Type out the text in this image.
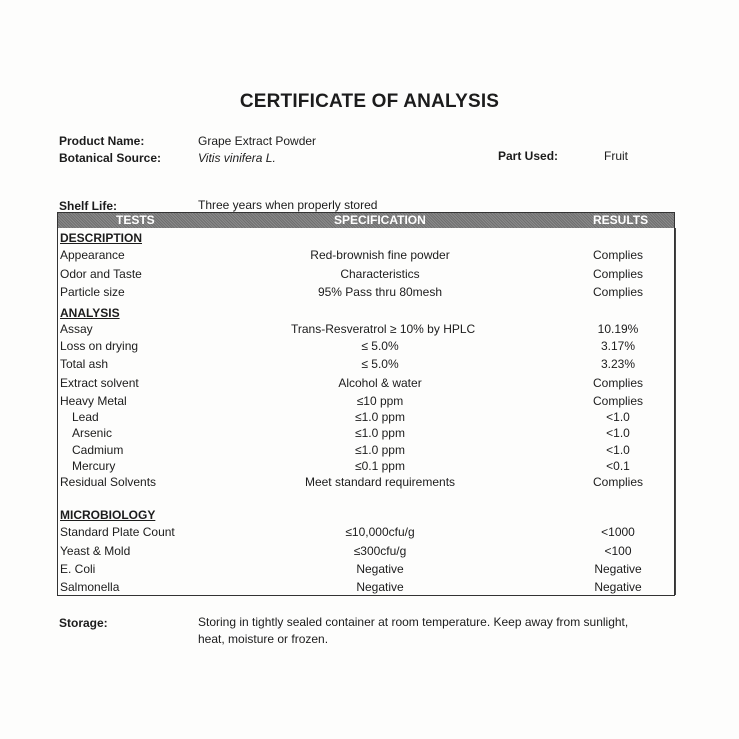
CERTIFICATE OF ANALYSIS
Product Name:	Grape Extract Powder
Botanical Source:	Vitis vinifera L.	Part Used:	Fruit
Shelf Life:	Three years when properly stored
TESTS	SPECIFICATION	RESULTS
DESCRIPTION
Appearance	Red-brownish fine powder	Complies
Odor and Taste	Characteristics	Complies
Particle size	95% Pass thru 80mesh	Complies
ANALYSIS
Assay	Trans-Resveratrol ≥ 10% by HPLC	10.19%
Loss on drying	≤ 5.0%	3.17%
Total ash	≤ 5.0%	3.23%
Extract solvent	Alcohol & water	Complies
Heavy Metal	≤10 ppm	Complies
Lead	≤1.0 ppm	<1.0
Arsenic	≤1.0 ppm	<1.0
Cadmium	≤1.0 ppm	<1.0
Mercury	≤0.1 ppm	<0.1
Residual Solvents	Meet standard requirements	Complies
MICROBIOLOGY
Standard Plate Count	≤10,000cfu/g	<1000
Yeast & Mold	≤300cfu/g	<100
E. Coli	Negative	Negative
Salmonella	Negative	Negative
Storage:	Storing in tightly sealed container at room temperature. Keep away from sunlight, heat, moisture or frozen.
